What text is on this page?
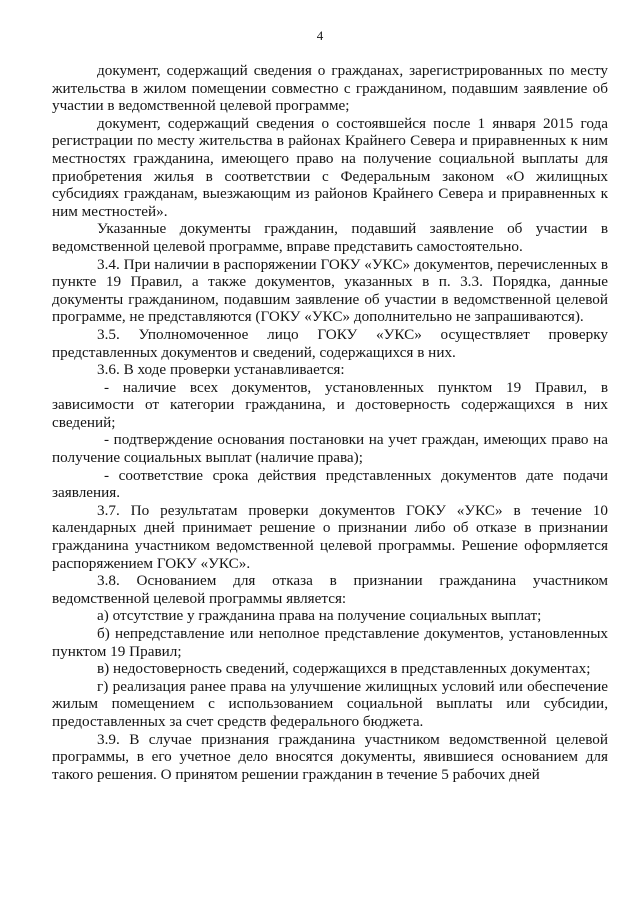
4

документ, содержащий сведения о гражданах, зарегистрированных по месту жительства в жилом помещении совместно с гражданином, подавшим заявление об участии в ведомственной целевой программе;

документ, содержащий сведения о состоявшейся после 1 января 2015 года регистрации по месту жительства в районах Крайнего Севера и приравненных к ним местностях гражданина, имеющего право на получение социальной выплаты для приобретения жилья в соответствии с Федеральным законом «О жилищных субсидиях гражданам, выезжающим из районов Крайнего Севера и приравненных к ним местностей».

Указанные документы гражданин, подавший заявление об участии в ведомственной целевой программе, вправе представить самостоятельно.

3.4. При наличии в распоряжении ГОКУ «УКС» документов, перечисленных в пункте 19 Правил, а также документов, указанных в п. 3.3. Порядка, данные документы гражданином, подавшим заявление об участии в ведомственной целевой программе, не представляются (ГОКУ «УКС» дополнительно не запрашиваются).

3.5. Уполномоченное лицо ГОКУ «УКС» осуществляет проверку представленных документов и сведений, содержащихся в них.

3.6. В ходе проверки устанавливается:

- наличие всех документов, установленных пунктом 19 Правил, в зависимости от категории гражданина, и достоверность содержащихся в них сведений;

- подтверждение основания постановки на учет граждан, имеющих право на получение социальных выплат (наличие права);

- соответствие срока действия представленных документов дате подачи заявления.

3.7. По результатам проверки документов ГОКУ «УКС» в течение 10 календарных дней принимает решение о признании либо об отказе в признании гражданина участником ведомственной целевой программы. Решение оформляется распоряжением ГОКУ «УКС».

3.8. Основанием для отказа в признании гражданина участником ведомственной целевой программы является:

а) отсутствие у гражданина права на получение социальных выплат;

б) непредставление или неполное представление документов, установленных пунктом 19 Правил;

в) недостоверность сведений, содержащихся в представленных документах;

г) реализация ранее права на улучшение жилищных условий или обеспечение жилым помещением с использованием социальной выплаты или субсидии, предоставленных за счет средств федерального бюджета.

3.9. В случае признания гражданина участником ведомственной целевой программы, в его учетное дело вносятся документы, явившиеся основанием для такого решения. О принятом решении гражданин в течение 5 рабочих дней
